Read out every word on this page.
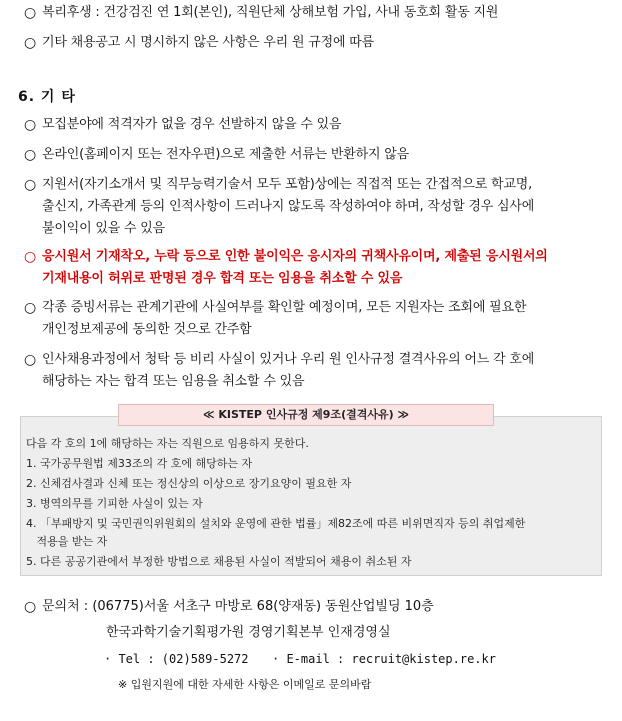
○ 복리후생 : 건강검진 연 1회(본인), 직원단체 상해보험 가입, 사내 동호회 활동 지원
○ 기타 채용공고 시 명시하지 않은 사항은 우리 원 규정에 따름
6. 기 타
○ 모집분야에 적격자가 없을 경우 선발하지 않을 수 있음
○ 온라인(홈페이지 또는 전자우편)으로 제출한 서류는 반환하지 않음
○ 지원서(자기소개서 및 직무능력기술서 모두 포함)상에는 직접적 또는 간접적으로 학교명,
출신지, 가족관계 등의 인적사항이 드러나지 않도록 작성하여야 하며, 작성할 경우 심사에
불이익이 있을 수 있음
○ 응시원서 기재착오, 누락 등으로 인한 불이익은 응시자의 귀책사유이며, 제출된 응시원서의
기재내용이 허위로 판명된 경우 합격 또는 임용을 취소할 수 있음
○ 각종 증빙서류는 관계기관에 사실여부를 확인할 예정이며, 모든 지원자는 조회에 필요한
개인정보제공에 동의한 것으로 간주함
○ 인사채용과정에서 청탁 등 비리 사실이 있거나 우리 원 인사규정 결격사유의 어느 각 호에
해당하는 자는 합격 또는 임용을 취소할 수 있음
≪ KISTEP 인사규정 제9조(결격사유) ≫
다음 각 호의 1에 해당하는 자는 직원으로 임용하지 못한다.
1. 국가공무원법 제33조의 각 호에 해당하는 자
2. 신체검사결과 신체 또는 정신상의 이상으로 장기요양이 필요한 자
3. 병역의무를 기피한 사실이 있는 자
4. 「부패방지 및 국민권익위원회의 설치와 운영에 관한 법률」제82조에 따른 비위면직자 등의 취업제한
적용을 받는 자
5. 다른 공공기관에서 부정한 방법으로 채용된 사실이 적발되어 채용이 취소된 자
○ 문의처 : (06775)서울 서초구 마방로 68(양재동) 동원산업빌딩 10층
한국과학기술기획평가원 경영기획본부 인재경영실
· Tel : (02)589-5272 · E-mail : recruit@kistep.re.kr
※ 입원지원에 대한 자세한 사항은 이메일로 문의바람
